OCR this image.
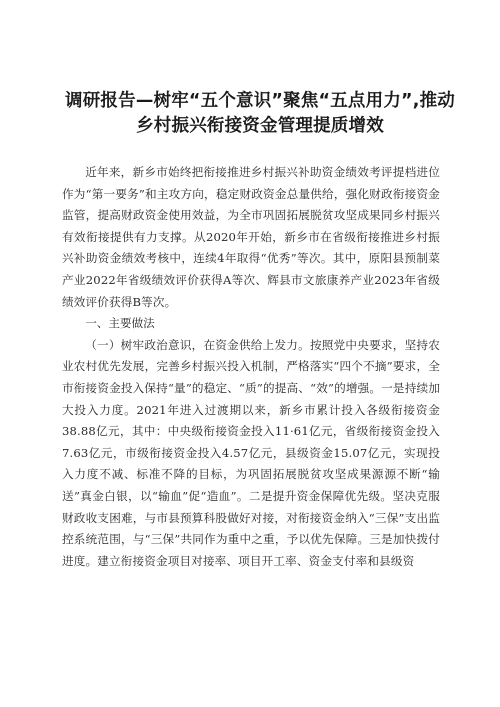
调研报告—树牢“五个意识”聚焦“五点用力”,推动
乡村振兴衔接资金管理提质增效

近年来，新乡市始终把衔接推进乡村振兴补助资金绩效考评提档进位作为“第一要务”和主攻方向，稳定财政资金总量供给，强化财政衔接资金监管，提高财政资金使用效益，为全市巩固拓展脱贫攻坚成果同乡村振兴有效衔接提供有力支撑。从2020年开始，新乡市在省级衔接推进乡村振兴补助资金绩效考核中，连续4年取得“优秀”等次。其中，原阳县预制菜产业2022年省级绩效评价获得A等次、辉县市文旅康养产业2023年省级绩效评价获得B等次。

一、主要做法

（一）树牢政治意识，在资金供给上发力。按照党中央要求，坚持农业农村优先发展，完善乡村振兴投入机制，严格落实“四个不摘”要求，全市衔接资金投入保持“量”的稳定、“质”的提高、“效”的增强。一是持续加大投入力度。2021年进入过渡期以来，新乡市累计投入各级衔接资金38.88亿元，其中：中央级衔接资金投入11·61亿元，省级衔接资金投入7.63亿元，市级衔接资金投入4.57亿元，县级资金15.07亿元，实现投入力度不减、标准不降的目标，为巩固拓展脱贫攻坚成果源源不断“输送”真金白银，以“输血”促“造血”。二是提升资金保障优先级。坚决克服财政收支困难，与市县预算科股做好对接，对衔接资金纳入“三保”支出监控系统范围，与“三保”共同作为重中之重，予以优先保障。三是加快拨付进度。建立衔接资金项目对接率、项目开工率、资金支付率和县级资
